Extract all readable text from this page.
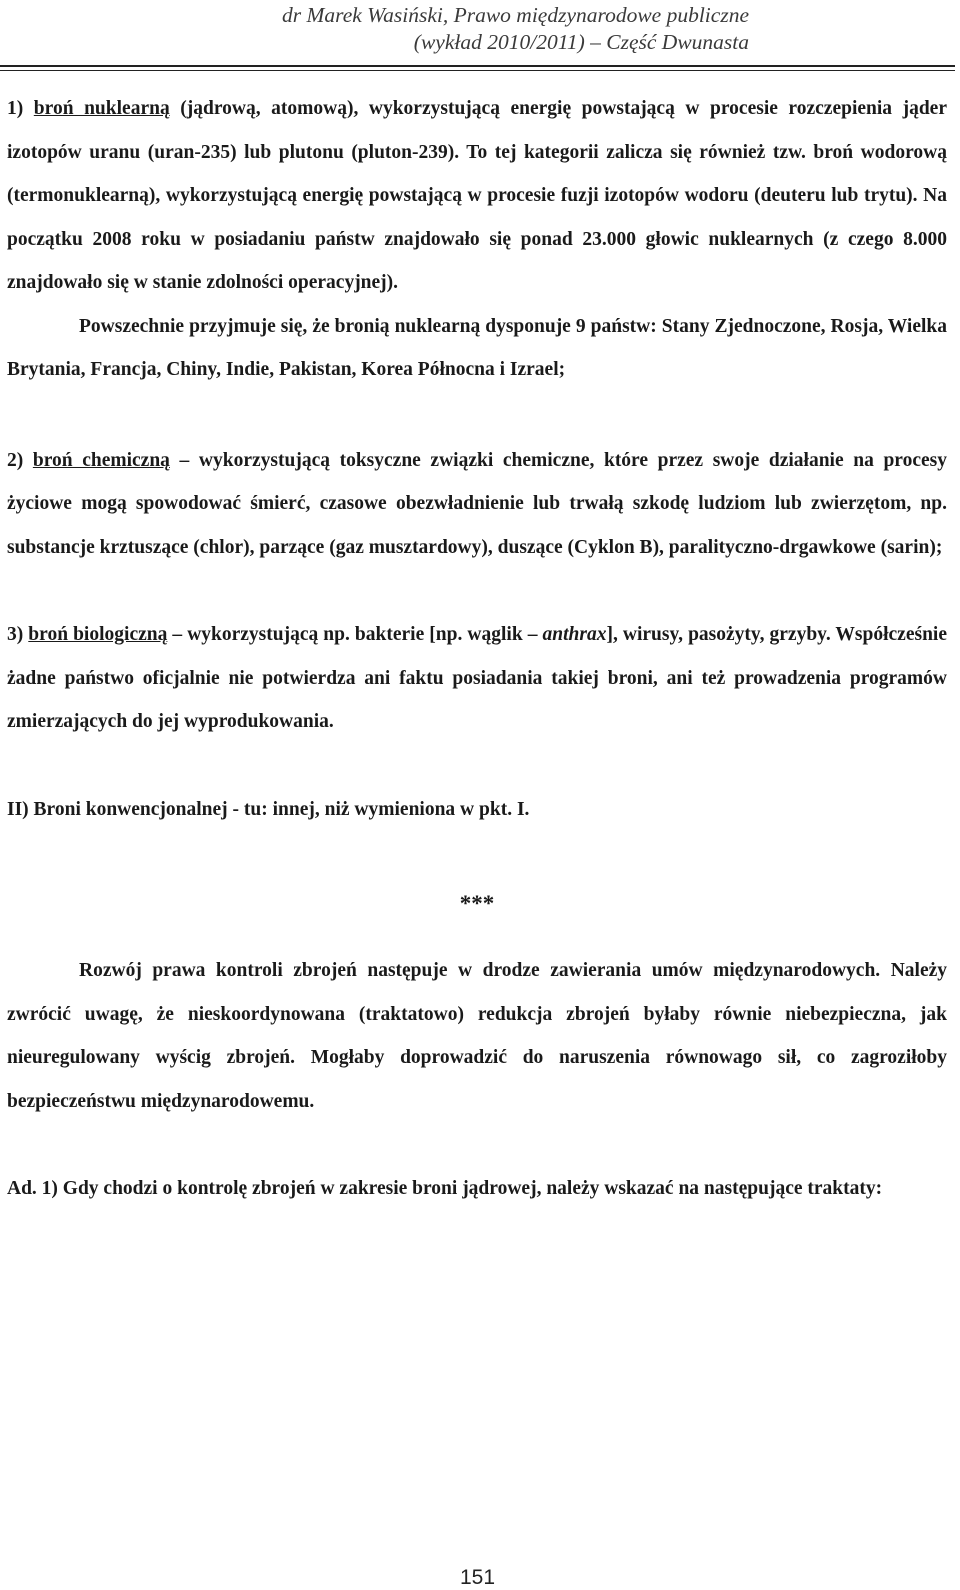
dr Marek Wasiński, Prawo międzynarodowe publiczne
(wykład 2010/2011) – Część Dwunasta

1) broń nuklearną (jądrową, atomową), wykorzystującą energię powstającą w procesie rozczepienia jąder izotopów uranu (uran-235) lub plutonu (pluton-239). To tej kategorii zalicza się również tzw. broń wodorową (termonuklearną), wykorzystującą energię powstającą w procesie fuzji izotopów wodoru (deuteru lub trytu). Na początku 2008 roku w posiadaniu państw znajdowało się ponad 23.000 głowic nuklearnych (z czego 8.000 znajdowało się w stanie zdolności operacyjnej).

Powszechnie przyjmuje się, że bronią nuklearną dysponuje 9 państw: Stany Zjednoczone, Rosja, Wielka Brytania, Francja, Chiny, Indie, Pakistan, Korea Północna i Izrael;

2) broń chemiczną – wykorzystującą toksyczne związki chemiczne, które przez swoje działanie na procesy życiowe mogą spowodować śmierć, czasowe obezwładnienie lub trwałą szkodę ludziom lub zwierzętom, np. substancje krztuszące (chlor), parzące (gaz musztardowy), duszące (Cyklon B), paralityczno-drgawkowe (sarin);

3) broń biologiczną – wykorzystującą np. bakterie [np. wąglik – anthrax], wirusy, pasożyty, grzyby. Współcześnie żadne państwo oficjalnie nie potwierdza ani faktu posiadania takiej broni, ani też prowadzenia programów zmierzających do jej wyprodukowania.

II) Broni konwencjonalnej - tu: innej, niż wymieniona w pkt. I.

***

Rozwój prawa kontroli zbrojeń następuje w drodze zawierania umów międzynarodowych. Należy zwrócić uwagę, że nieskoordynowana (traktatowo) redukcja zbrojeń byłaby równie niebezpieczna, jak nieuregulowany wyścig zbrojeń. Mogłaby doprowadzić do naruszenia równowago sił, co zagroziłoby bezpieczeństwu międzynarodowemu.

Ad. 1) Gdy chodzi o kontrolę zbrojeń w zakresie broni jądrowej, należy wskazać na następujące traktaty:

151
